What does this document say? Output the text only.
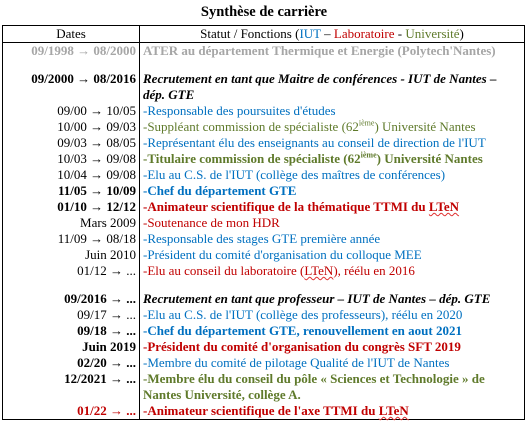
Synthèse de carrière
Dates	Statut / Fonctions (IUT – Laboratoire - Université)
09/1998 → 08/2000	ATER au département Thermique et Energie (Polytech'Nantes)

09/2000 → 08/2016	Recrutement en tant que Maitre de conférences - IUT de Nantes – dép. GTE
09/00 → 10/05	-Responsable des poursuites d'études
10/00 → 09/03	-Suppléant commission de spécialiste (62ième) Université Nantes
09/03 → 08/05	-Représentant élu des enseignants au conseil de direction de l'IUT
10/03 → 09/08	-Titulaire commission de spécialiste (62ième) Université Nantes
10/04 → 09/08	-Elu au C.S. de l'IUT (collège des maîtres de conférences)
11/05 → 10/09	-Chef du département GTE
01/10 → 12/12	-Animateur scientifique de la thématique TTMI du LTeN
Mars 2009	-Soutenance de mon HDR
11/09 → 08/18	-Responsable des stages GTE première année
Juin 2010	-Président du comité d'organisation du colloque MEE
01/12 → ...	-Elu au conseil du laboratoire (LTeN), réélu en 2016

09/2016 → ...	Recrutement en tant que professeur – IUT de Nantes – dép. GTE
09/17 → ...	-Elu au C.S. de l'IUT (collège des professeurs), réélu en 2020
09/18 → ...	-Chef du département GTE, renouvellement en aout 2021
Juin 2019	-Président du comité d'organisation du congrès SFT 2019
02/20 → ...	-Membre du comité de pilotage Qualité de l'IUT de Nantes
12/2021 → ...	-Membre élu du conseil du pôle « Sciences et Technologie » de Nantes Université, collège A.
01/22 → ...	-Animateur scientifique de l'axe TTMI du LTeN
